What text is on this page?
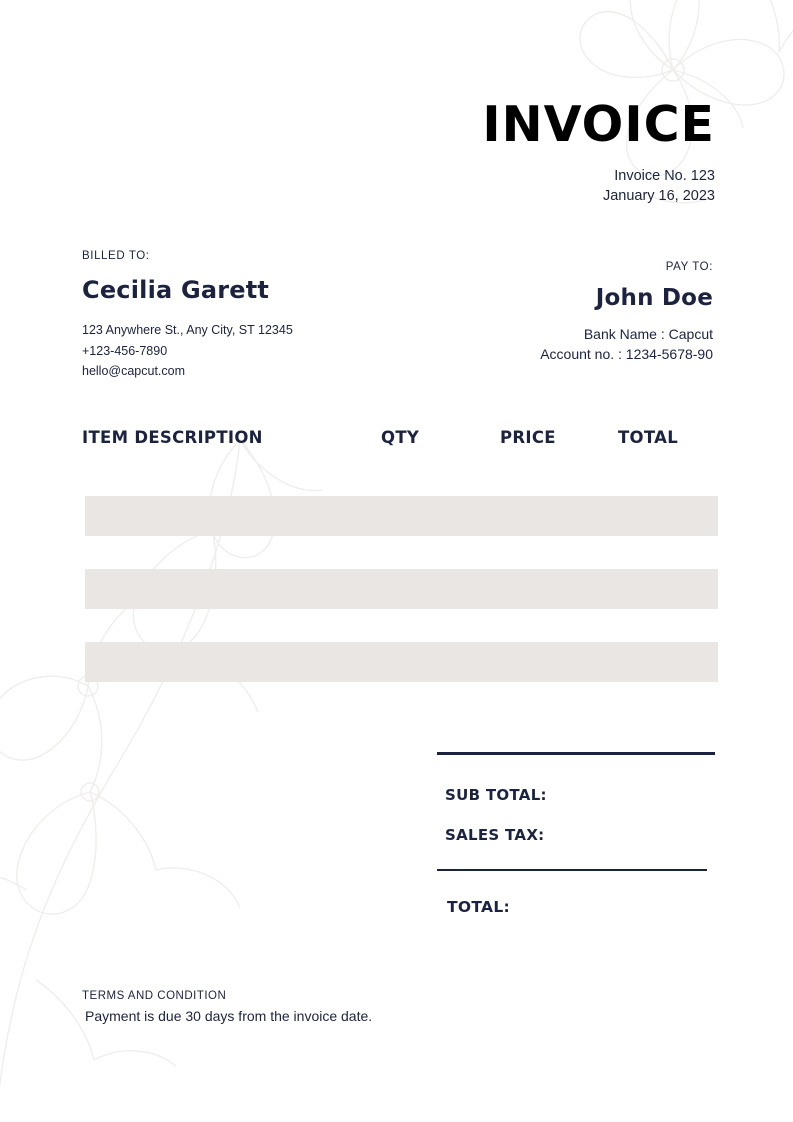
INVOICE
Invoice No. 123
January 16, 2023

BILLED TO:

Cecilia Garett

123 Anywhere St., Any City, ST 12345
+123-456-7890
hello@capcut.com

PAY TO:

John Doe

Bank Name : Capcut
Account no. : 1234-5678-90
ITEM DESCRIPTION	QTY	PRICE	TOTAL
SUB TOTAL:
SALES TAX:
TOTAL:

TERMS AND CONDITION

Payment is due 30 days from the invoice date.
